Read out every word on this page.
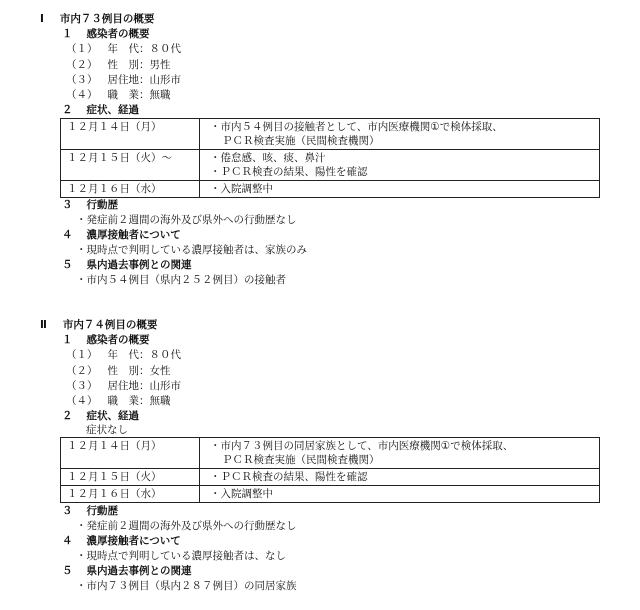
Ⅰ 市内７３例目の概要
１ 感染者の概要
（１） 年　代：８０代
（２） 性　別：男性
（３） 居住地：山形市
（４） 職　業：無職
２ 症状、経過
１２月１４日（月）	・市内５４例目の接触者として、市内医療機関①で検体採取、
ＰＣＲ検査実施（民間検査機関）

１２月１５日（火）～	・倦怠感、咳、痰、鼻汁
・ＰＣＲ検査の結果、陽性を確認

１２月１６日（水）	・入院調整中
３ 行動歴
・発症前２週間の海外及び県外への行動歴なし
４ 濃厚接触者について
・現時点で判明している濃厚接触者は、家族のみ
５ 県内過去事例との関連
・市内５４例目（県内２５２例目）の接触者
Ⅱ 市内７４例目の概要
１ 感染者の概要
（１） 年　代：８０代
（２） 性　別：女性
（３） 居住地：山形市
（４） 職　業：無職
２ 症状、経過
症状なし
１２月１４日（月）	・市内７３例目の同居家族として、市内医療機関①で検体採取、
ＰＣＲ検査実施（民間検査機関）

１２月１５日（火）	・ＰＣＲ検査の結果、陽性を確認

１２月１６日（水）	・入院調整中
３ 行動歴
・発症前２週間の海外及び県外への行動歴なし
４ 濃厚接触者について
・現時点で判明している濃厚接触者は、なし
５ 県内過去事例との関連
・市内７３例目（県内２８７例目）の同居家族
